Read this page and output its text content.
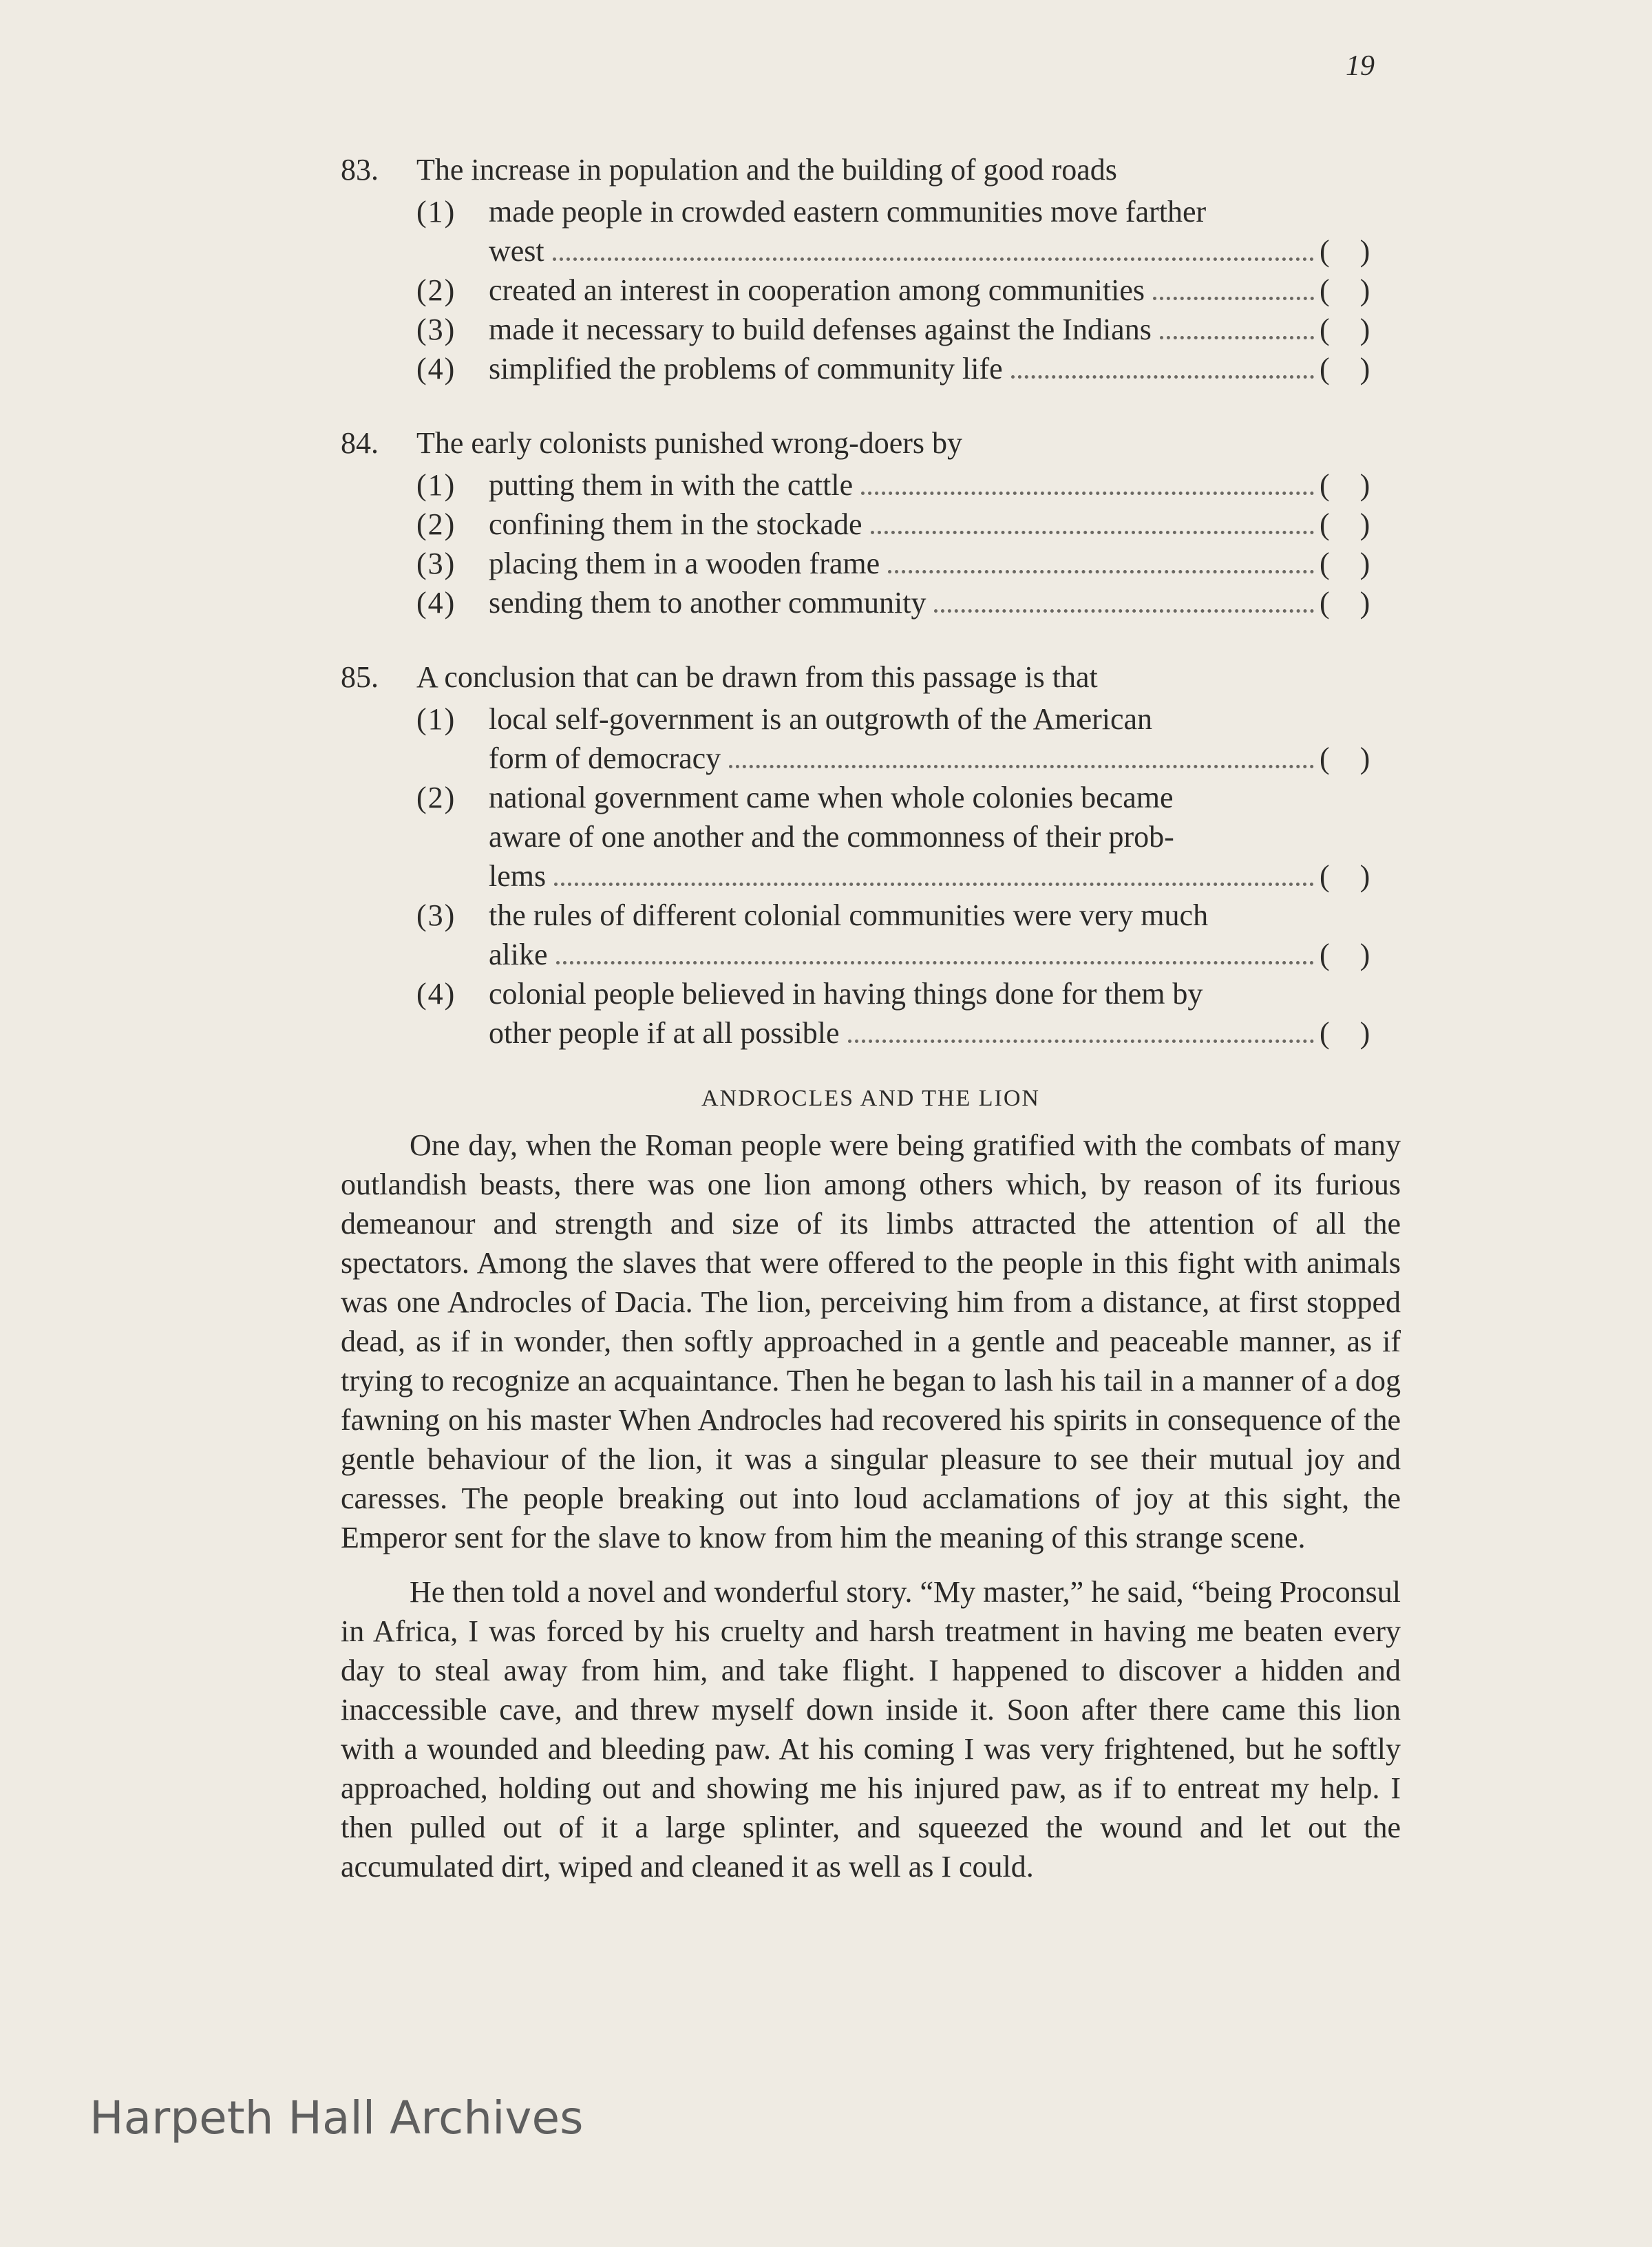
19
83.	The increase in population and the building of good roads
(1)	made people in crowded eastern communities move farther
west	(    )
(2)	created an interest in cooperation among communities	(    )
(3)	made it necessary to build defenses against the Indians	(    )
(4)	simplified the problems of community life	(    )
84.	The early colonists punished wrong-doers by
(1)	putting them in with the cattle	(    )
(2)	confining them in the stockade	(    )
(3)	placing them in a wooden frame	(    )
(4)	sending them to another community	(    )
85.	A conclusion that can be drawn from this passage is that
(1)	local self-government is an outgrowth of the American
form of democracy	(    )
(2)	national government came when whole colonies became
aware of one another and the commonness of their prob-
lems	(    )
(3)	the rules of different colonial communities were very much
alike	(    )
(4)	colonial people believed in having things done for them by
other people if at all possible	(    )
ANDROCLES AND THE LION

One day, when the Roman people were being gratified with the combats of many outlandish beasts, there was one lion among others which, by reason of its furious demeanour and strength and size of its limbs attracted the attention of all the spectators. Among the slaves that were offered to the people in this fight with animals was one Androcles of Dacia. The lion, perceiving him from a distance, at first stopped dead, as if in wonder, then softly approached in a gentle and peaceable manner, as if trying to recognize an acquaintance. Then he began to lash his tail in a manner of a dog fawning on his master When Androcles had recovered his spirits in consequence of the gentle behaviour of the lion, it was a singular pleasure to see their mutual joy and caresses. The people breaking out into loud acclamations of joy at this sight, the Emperor sent for the slave to know from him the meaning of this strange scene.

He then told a novel and wonderful story. “My master,” he said, “being Proconsul in Africa, I was forced by his cruelty and harsh treatment in having me beaten every day to steal away from him, and take flight. I happened to discover a hidden and inaccessible cave, and threw myself down inside it. Soon after there came this lion with a wounded and bleeding paw. At his coming I was very frightened, but he softly approached, holding out and showing me his injured paw, as if to entreat my help. I then pulled out of it a large splinter, and squeezed the wound and let out the accumulated dirt, wiped and cleaned it as well as I could.

Harpeth Hall Archives
